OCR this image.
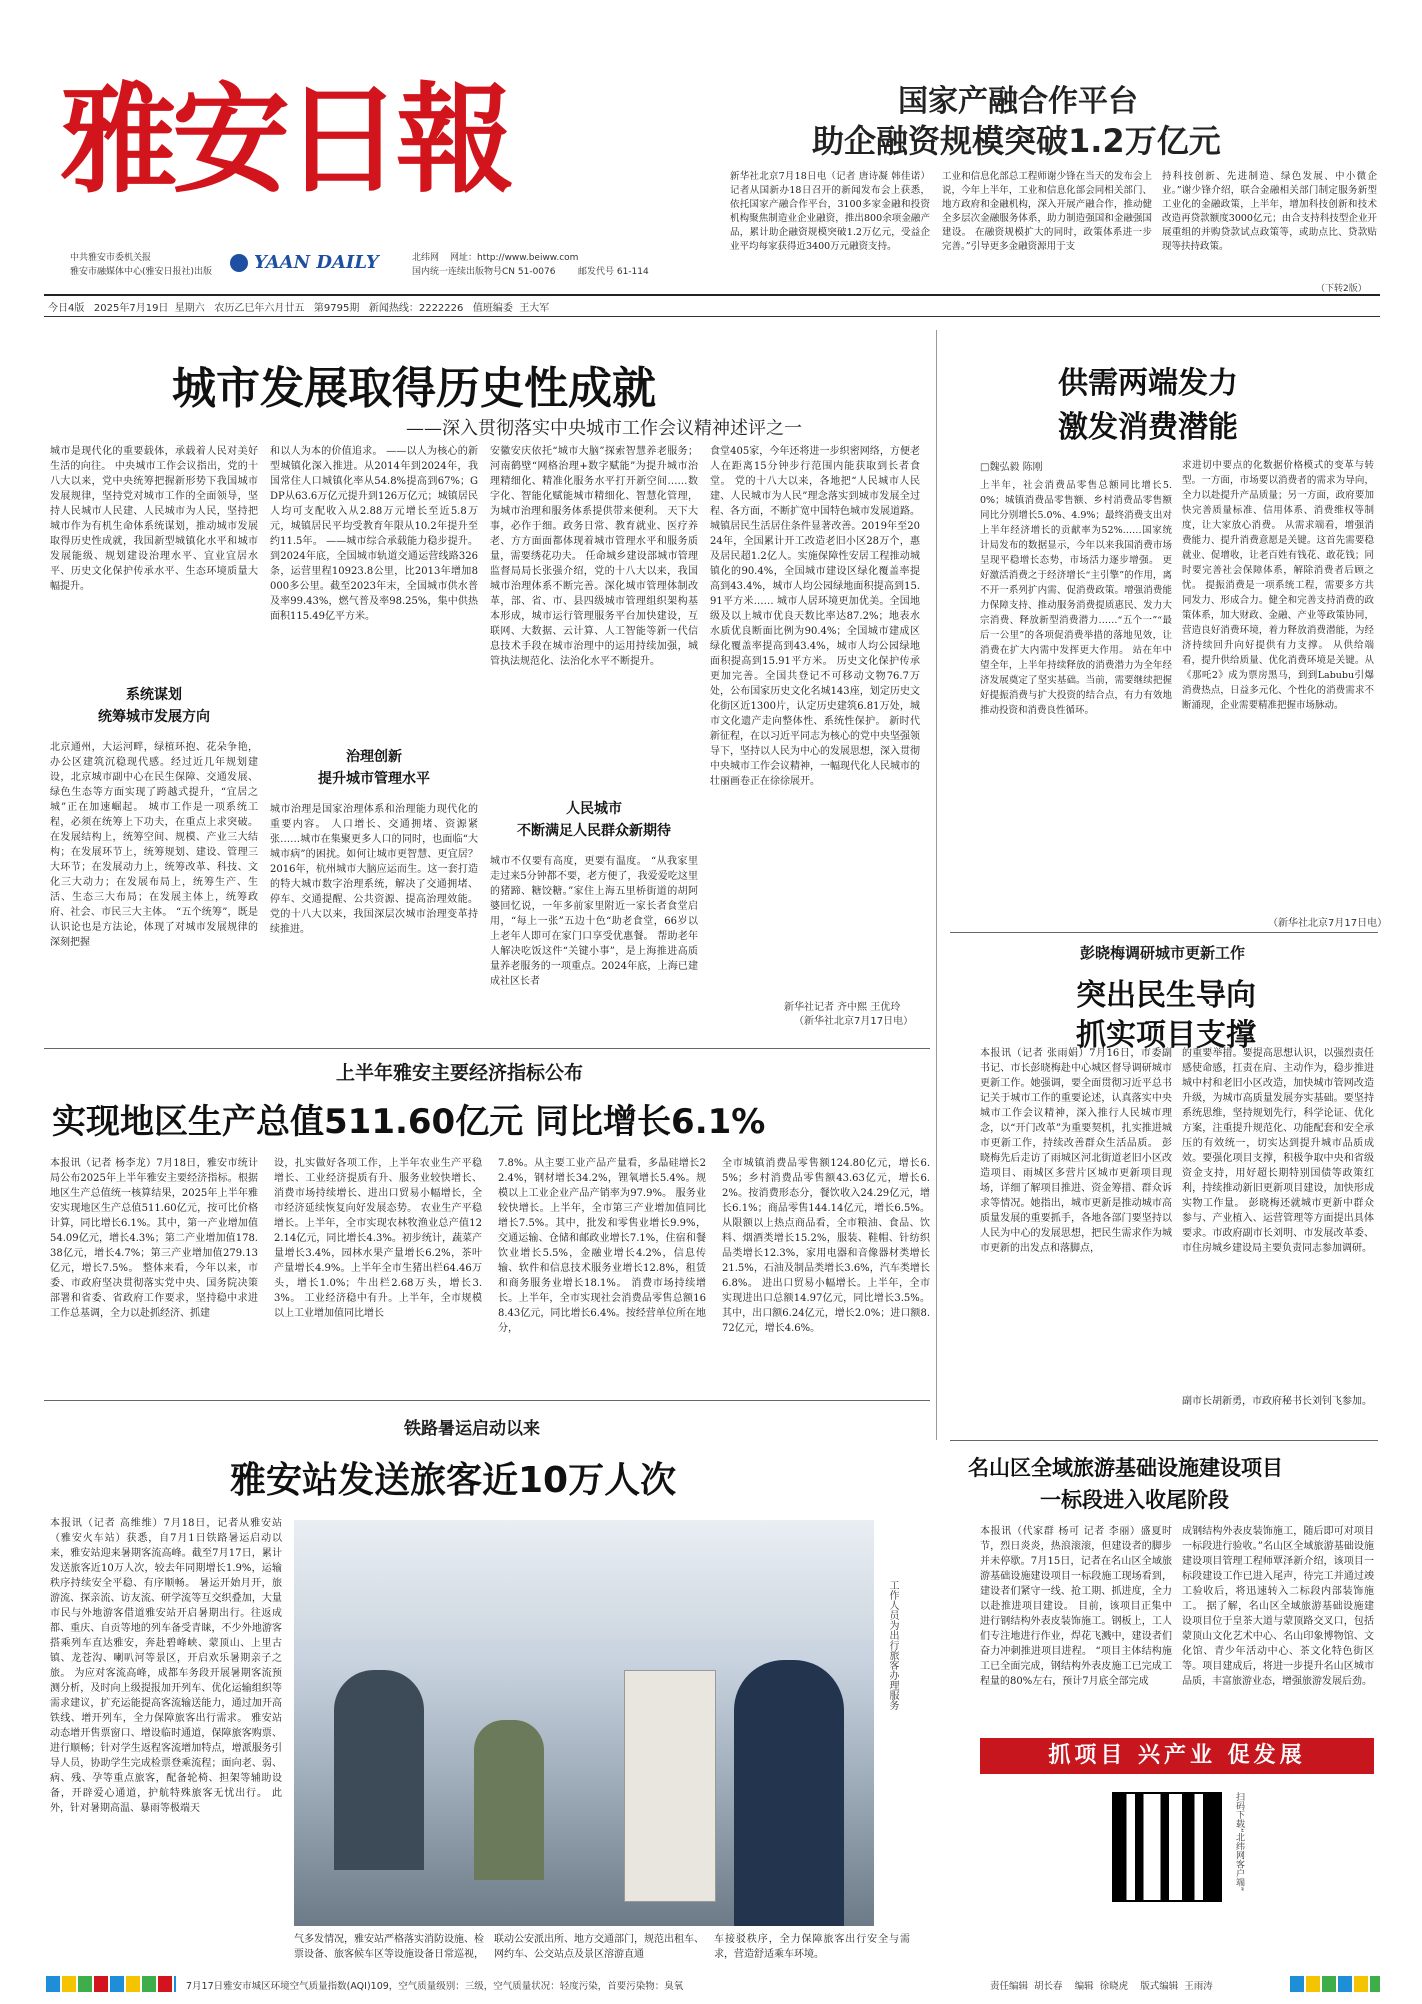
雅安日報
YAAN DAILY
中共雅安市委机关报
雅安市融媒体中心(雅安日报社)出版
北纬网 网址：http://www.beiww.com
国内统一连续出版物号CN 51-0076	邮发代号 61-114
国家产融合作平台
助企融资规模突破1.2万亿元
新华社北京7月18日电（记者 唐诗凝 韩佳诺）记者从国新办18日召开的新闻发布会上获悉，依托国家产融合作平台，3100多家金融和投资机构聚焦制造业企业融资，推出800余项金融产品，累计助企融资规模突破1.2万亿元，受益企业平均每家获得近3400万元融资支持。
工业和信息化部总工程师谢少锋在当天的发布会上说，今年上半年，工业和信息化部会同相关部门、地方政府和金融机构，深入开展产融合作，推动健全多层次金融服务体系，助力制造强国和金融强国建设。 在融资规模扩大的同时，政策体系进一步完善。”引导更多金融资源用于支
持科技创新、先进制造、绿色发展、中小微企业。”谢少锋介绍，联合金融相关部门制定服务新型工业化的金融政策，上半年，增加科技创新和技术改造再贷款额度3000亿元；由合支持科技型企业开展重组的并购贷款试点政策等，或助点比、贷款贴现等扶持政策。
（下转2版）
今日4版   2025年7月19日  星期六   农历乙巳年六月廿五   第9795期   新闻热线：2222226   值班编委  王大军
城市发展取得历史性成就
——深入贯彻落实中央城市工作会议精神述评之一
城市是现代化的重要载体，承载着人民对美好生活的向往。 中央城市工作会议指出，党的十八大以来，党中央统筹把握新形势下我国城市发展规律，坚持党对城市工作的全面领导，坚持人民城市人民建、人民城市为人民，坚持把城市作为有机生命体系统谋划，推动城市发展取得历史性成就，我国新型城镇化水平和城市发展能级、规划建设治理水平、宜业宜居水平、历史文化保护传承水平、生态环境质量大幅提升。
系统谋划
统筹城市发展方向
北京通州，大运河畔，绿植环抱、花朵争艳，办公区建筑沉稳现代感。经过近几年规划建设，北京城市副中心在民生保障、交通发展、绿色生态等方面实现了跨越式提升，“宜居之城”正在加速崛起。 城市工作是一项系统工程，必须在统筹上下功夫，在重点上求突破。 在发展结构上，统筹空间、规模、产业三大结构；在发展环节上，统筹规划、建设、管理三大环节；在发展动力上，统筹改革、科技、文化三大动力；在发展布局上，统筹生产、生活、生态三大布局；在发展主体上，统筹政府、社会、市民三大主体。 “五个统筹”，既是认识论也是方法论，体现了对城市发展规律的深刻把握
和以人为本的价值追求。 ——以人为核心的新型城镇化深入推进。从2014年到2024年，我国常住人口城镇化率从54.8%提高到67%；GDP从63.6万亿元提升到126万亿元；城镇居民人均可支配收入从2.88万元增长至近5.8万元，城镇居民平均受教育年限从10.2年提升至约11.5年。 ——城市综合承载能力稳步提升。到2024年底，全国城市轨道交通运营线路326条，运营里程10923.8公里，比2013年增加8000多公里。截至2023年末，全国城市供水普及率99.43%，燃气普及率98.25%，集中供热面积115.49亿平方米。
治理创新
提升城市管理水平
城市治理是国家治理体系和治理能力现代化的重要内容。 人口增长、交通拥堵、资源紧张……城市在集聚更多人口的同时，也面临“大城市病”的困扰。如何让城市更智慧、更宜居？ 2016年，杭州城市大脑应运而生。这一套打造的特大城市数字治理系统，解决了交通拥堵、停车、交通提醒、公共资源、提高治理效能。 党的十八大以来，我国深层次城市治理变革持续推进。
安徽安庆依托“城市大脑”探索智慧养老服务；河南鹤壁“网格治理+数字赋能”为提升城市治理精细化、精准化服务水平打开新空间……数字化、智能化赋能城市精细化、智慧化管理，为城市治理和服务体系提供带来便利。 天下大事，必作于细。政务日常、教育就业、医疗养老、方方面面都体现着城市管理水平和服务质量，需要绣花功夫。 任命城乡建设部城市管理监督局局长张强介绍，党的十八大以来，我国城市治理体系不断完善。深化城市管理体制改革，部、省、市、县四级城市管理组织架构基本形成，城市运行管理服务平台加快建设，互联网、大数据、云计算、人工智能等新一代信息技术手段在城市治理中的运用持续加强，城管执法规范化、法治化水平不断提升。
人民城市
不断满足人民群众新期待
城市不仅要有高度，更要有温度。 “从我家里走过来5分钟都不要，老方便了，我爱爱吃这里的猪蹄、糖饺糖。”家住上海五里桥街道的胡阿婆回忆说，一年多前家里附近一家长者食堂启用，“每上一张”五边十色“助老食堂，66岁以上老年人即可在家门口享受优惠餐。 帮助老年人解决吃饭这件“关键小事”，是上海推进高质量养老服务的一项重点。2024年底，上海已建成社区长者
食堂405家，今年还将进一步织密网络，方便老人在距离15分钟步行范围内能获取到长者食堂。 党的十八大以来，各地把“人民城市人民建、人民城市为人民”理念落实到城市发展全过程、各方面，不断扩宽中国特色城市发展道路。 城镇居民生活居住条件显著改善。2019年至2024年，全国累计开工改造老旧小区28万个，惠及居民超1.2亿人。实施保障性安居工程推动城镇化的90.4%，全国城市建设区绿化覆盖率提高到43.4%，城市人均公园绿地面积提高到15.91平方米…… 城市人居环境更加优美。全国地级及以上城市优良天数比率达87.2%；地表水水质优良断面比例为90.4%；全国城市建成区绿化覆盖率提高到43.4%，城市人均公园绿地面积提高到15.91平方米。 历史文化保护传承更加完善。全国共登记不可移动文物76.7万处，公布国家历史文化名城143座，划定历史文化街区近1300片，认定历史建筑6.81万处，城市文化遗产走向整体性、系统性保护。 新时代新征程，在以习近平同志为核心的党中央坚强领导下，坚持以人民为中心的发展思想，深入贯彻中央城市工作会议精神，一幅现代化人民城市的壮丽画卷正在徐徐展开。
新华社记者 齐中熙 王优玲
（新华社北京7月17日电）
供需两端发力
激发消费潜能
□魏弘毅 陈刚
上半年，社会消费品零售总额同比增长5.0%；城镇消费品零售额、乡村消费品零售额同比分别增长5.0%、4.9%；最终消费支出对上半年经济增长的贡献率为52%……国家统计局发布的数据显示，今年以来我国消费市场呈现平稳增长态势，市场活力逐步增强。 更好激活消费之于经济增长“主引擎”的作用，离不开一系列扩内需、促消费政策。增强消费能力保障支持、推动服务消费提质惠民、发力大宗消费、释放新型消费潜力……“五个一”“最后一公里”的各项促消费举措的落地见效，让消费在扩大内需中发挥更大作用。 站在年中望全年，上半年持续释放的消费潜力为全年经济发展奠定了坚实基础。当前，需要继续把握好提振消费与扩大投资的结合点，有力有效地推动投资和消费良性循环。
求进切中要点的化数据价格模式的变革与转型。一方面，市场要以消费者的需求为导向，全力以赴提升产品质量；另一方面，政府要加快完善质量标准、信用体系、消费维权等制度，让大家放心消费。 从需求端看，增强消费能力、提升消费意愿是关键。这首先需要稳就业、促增收，让老百姓有钱花、敢花钱；同时要完善社会保障体系，解除消费者后顾之忧。 提振消费是一项系统工程，需要多方共同发力、形成合力。健全和完善支持消费的政策体系，加大财政、金融、产业等政策协同，营造良好消费环境，着力释放消费潜能，为经济持续回升向好提供有力支撑。 从供给端看，提升供给质量、优化消费环境是关键。从《那吒2》成为票房黑马，到到Labubu引爆消费热点，日益多元化、个性化的消费需求不断涌现，企业需要精准把握市场脉动。
（新华社北京7月17日电）
彭晓梅调研城市更新工作
突出民生导向
抓实项目支撑
本报讯（记者 张雨娟）7月16日，市委副书记、市长彭晓梅赴中心城区督导调研城市更新工作。她强调，要全面贯彻习近平总书记关于城市工作的重要论述，认真落实中央城市工作会议精神，深入推行人民城市理念，以“开门改革”为重要契机，扎实推进城市更新工作，持续改善群众生活品质。 彭晓梅先后走访了雨城区河北街道老旧小区改造项目、雨城区多营片区城市更新项目现场，详细了解项目推进、资金筹措、群众诉求等情况。她指出，城市更新是推动城市高质量发展的重要抓手，各地各部门要坚持以人民为中心的发展思想，把民生需求作为城市更新的出发点和落脚点，
的重要举措。要提高思想认识，以强烈责任感使命感，扛责在肩、主动作为，稳步推进城中村和老旧小区改造，加快城市管网改造升级，为城市高质量发展夯实基础。要坚持系统思维，坚持规划先行，科学论证、优化方案，注重提升规范化、功能配套和安全承压的有效统一，切实达到提升城市品质成效。要强化项目支撑，积极争取中央和省级资金支持，用好超长期特别国债等政策红利，持续推动新旧更新项目建设，加快形成实物工作量。 彭晓梅还就城市更新中群众参与、产业植入、运营管理等方面提出具体要求。市政府副市长刘明、市发展改革委、市住房城乡建设局主要负责同志参加调研。
副市长胡新勇，市政府秘书长刘钊飞参加。
上半年雅安主要经济指标公布
实现地区生产总值511.60亿元 同比增长6.1%
本报讯（记者 杨李龙）7月18日，雅安市统计局公布2025年上半年雅安主要经济指标。根据地区生产总值统一核算结果，2025年上半年雅安实现地区生产总值511.60亿元，按可比价格计算，同比增长6.1%。其中，第一产业增加值54.09亿元，增长4.3%；第二产业增加值178.38亿元，增长4.7%；第三产业增加值279.13亿元，增长7.5%。 整体来看，今年以来，市委、市政府坚决贯彻落实党中央、国务院决策部署和省委、省政府工作要求，坚持稳中求进工作总基调，全力以赴抓经济、抓建
设，扎实做好各项工作，上半年农业生产平稳增长、工业经济提质有升、服务业较快增长、消费市场持续增长、进出口贸易小幅增长，全市经济延续恢复向好发展态势。 农业生产平稳增长。上半年，全市实现农林牧渔业总产值122.14亿元，同比增长4.3%。初步统计，蔬菜产量增长3.4%，园林水果产量增长6.2%，茶叶产量增长4.9%。上半年全市生猪出栏64.46万头，增长1.0%；牛出栏2.68万头，增长3.3%。 工业经济稳中有升。上半年，全市规模以上工业增加值同比增长
7.8%。从主要工业产品产量看，多晶硅增长22.4%，钢材增长34.2%，锂氧增长5.4%。规模以上工业企业产品产销率为97.9%。 服务业较快增长。上半年，全市第三产业增加值同比增长7.5%。其中，批发和零售业增长9.9%，交通运输、仓储和邮政业增长7.1%，住宿和餐饮业增长5.5%，金融业增长4.2%，信息传输、软件和信息技术服务业增长12.8%，租赁和商务服务业增长18.1%。 消费市场持续增长。上半年，全市实现社会消费品零售总额168.43亿元，同比增长6.4%。按经营单位所在地分，
全市城镇消费品零售额124.80亿元，增长6.5%；乡村消费品零售额43.63亿元，增长6.2%。按消费形态分，餐饮收入24.29亿元，增长6.1%；商品零售144.14亿元，增长6.5%。从限额以上热点商品看，全市粮油、食品、饮料、烟酒类增长15.2%，服装、鞋帽、针纺织品类增长12.3%，家用电器和音像器材类增长21.5%，石油及制品类增长3.6%，汽车类增长6.8%。 进出口贸易小幅增长。上半年，全市实现进出口总额14.97亿元，同比增长3.5%。其中，出口额6.24亿元，增长2.0%；进口额8.72亿元，增长4.6%。
铁路暑运启动以来
雅安站发送旅客近10万人次
本报讯（记者 高维维）7月18日，记者从雅安站（雅安火车站）获悉，自7月1日铁路暑运启动以来，雅安站迎来暑期客流高峰。截至7月17日，累计发送旅客近10万人次，较去年同期增长1.9%，运输秩序持续安全平稳、有序顺畅。 暑运开始月开，旅游流、探亲流、访友流、研学流等互交织叠加，大量市民与外地游客借道雅安站开启暑期出行。往返成都、重庆、自贡等地的列车备受青睐，不少外地游客搭乘列车直达雅安，奔赴碧峰峡、蒙顶山、上里古镇、龙苍沟、喇叭河等景区，开启欢乐暑期亲子之旅。 为应对客流高峰，成都车务段开展暑期客流预测分析，及时向上级提报加开列车、优化运输组织等需求建议，扩充运能提高客流输送能力，通过加开高铁线、增开列车，全力保障旅客出行需求。 雅安站动态增开售票窗口、增设临时通道，保障旅客购票、进行顺畅；针对学生返程客流增加特点，增派服务引导人员，协助学生完成检票登乘流程；面向老、弱、病、残、孕等重点旅客，配备轮椅、担架等辅助设备，开辟爱心通道，护航特殊旅客无忧出行。 此外，针对暑期高温、暴雨等极端天
工作人员为出行旅客办理服务
气多发情况，雅安站严格落实消防设施、检票设备、旅客候车区等设施设备日常巡视，
联动公安派出所、地方交通部门，规范出租车、网约车、公交站点及景区溶游直通
车接驳秩序，全力保障旅客出行安全与需求，营造舒适乘车环境。
名山区全域旅游基础设施建设项目
一标段进入收尾阶段
本报讯（代家群 杨可 记者 李丽）盛夏时节，烈日炎炎，热浪滚滚，但建设者的脚步并未停歇。7月15日，记者在名山区全域旅游基础设施建设项目一标段施工现场看到，建设者们紧守一线、抢工期、抓进度，全力以赴推进项目建设。 目前，该项目正集中进行钢结构外表皮装饰施工。钢板上，工人们专注地进行作业，焊花飞溅中，建设者们奋力冲刺推进项目进程。 “项目主体结构施工已全面完成，钢结构外表皮施工已完成工程量的80%左右，预计7月底全部完成
成钢结构外表皮装饰施工，随后即可对项目一标段进行验收。”名山区全域旅游基础设施建设项目管理工程师覃泽新介绍，该项目一标段建设工作已进入尾声，待完工并通过竣工验收后，将迅速转入二标段内部装饰施工。 据了解，名山区全域旅游基础设施建设项目位于皇茶大道与蒙顶路交叉口，包括蒙顶山文化艺术中心、名山印象博物馆、文化馆、青少年活动中心、茶文化特色街区等。项目建成后，将进一步提升名山区城市品质，丰富旅游业态，增强旅游发展后劲。
抓项目 兴产业 促发展
扫码下载“北纬网客户端”
7月17日雅安市城区环境空气质量指数(AQI)109，空气质量级别：三级，空气质量状况：轻度污染，首要污染物：臭氧	责任编辑  胡长春    编辑  徐晓虎    版式编辑  王雨涛
